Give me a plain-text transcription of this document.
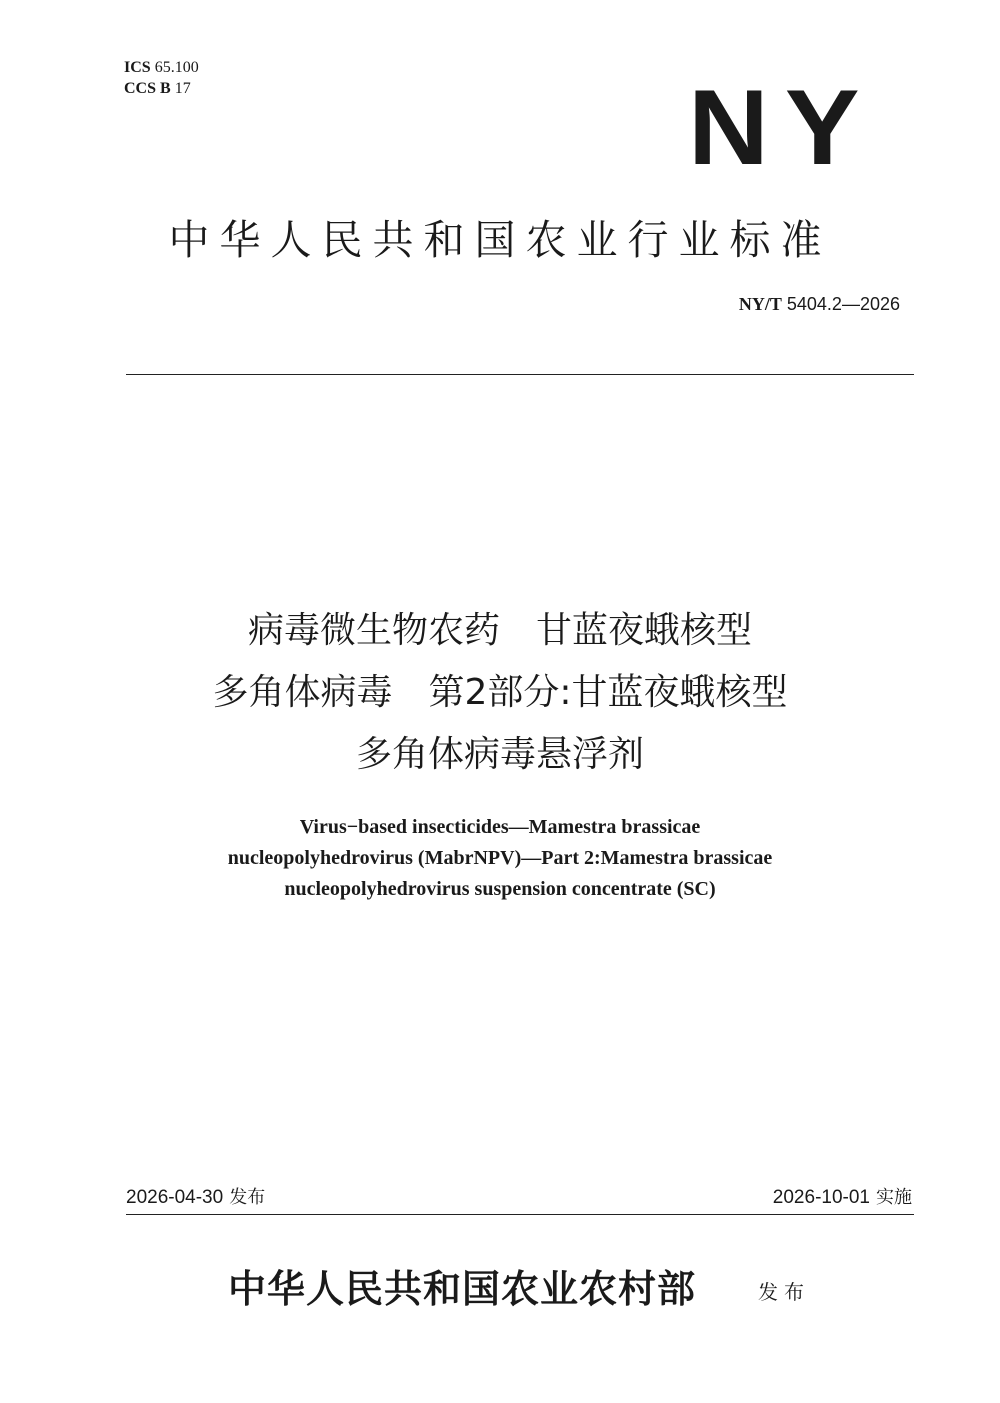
ICS 65.100
CCS B 17	NY
中华人民共和国农业行业标准
NY/T 5404.2—2026
病毒微生物农药　甘蓝夜蛾核型
多角体病毒　第2部分:甘蓝夜蛾核型
多角体病毒悬浮剂
Virus−based insecticides—Mamestra brassicae
nucleopolyhedrovirus (MabrNPV)—Part 2:Mamestra brassicae
nucleopolyhedrovirus suspension concentrate (SC)
2026-04-30 发布	2026-10-01 实施
中华人民共和国农业农村部	发布
